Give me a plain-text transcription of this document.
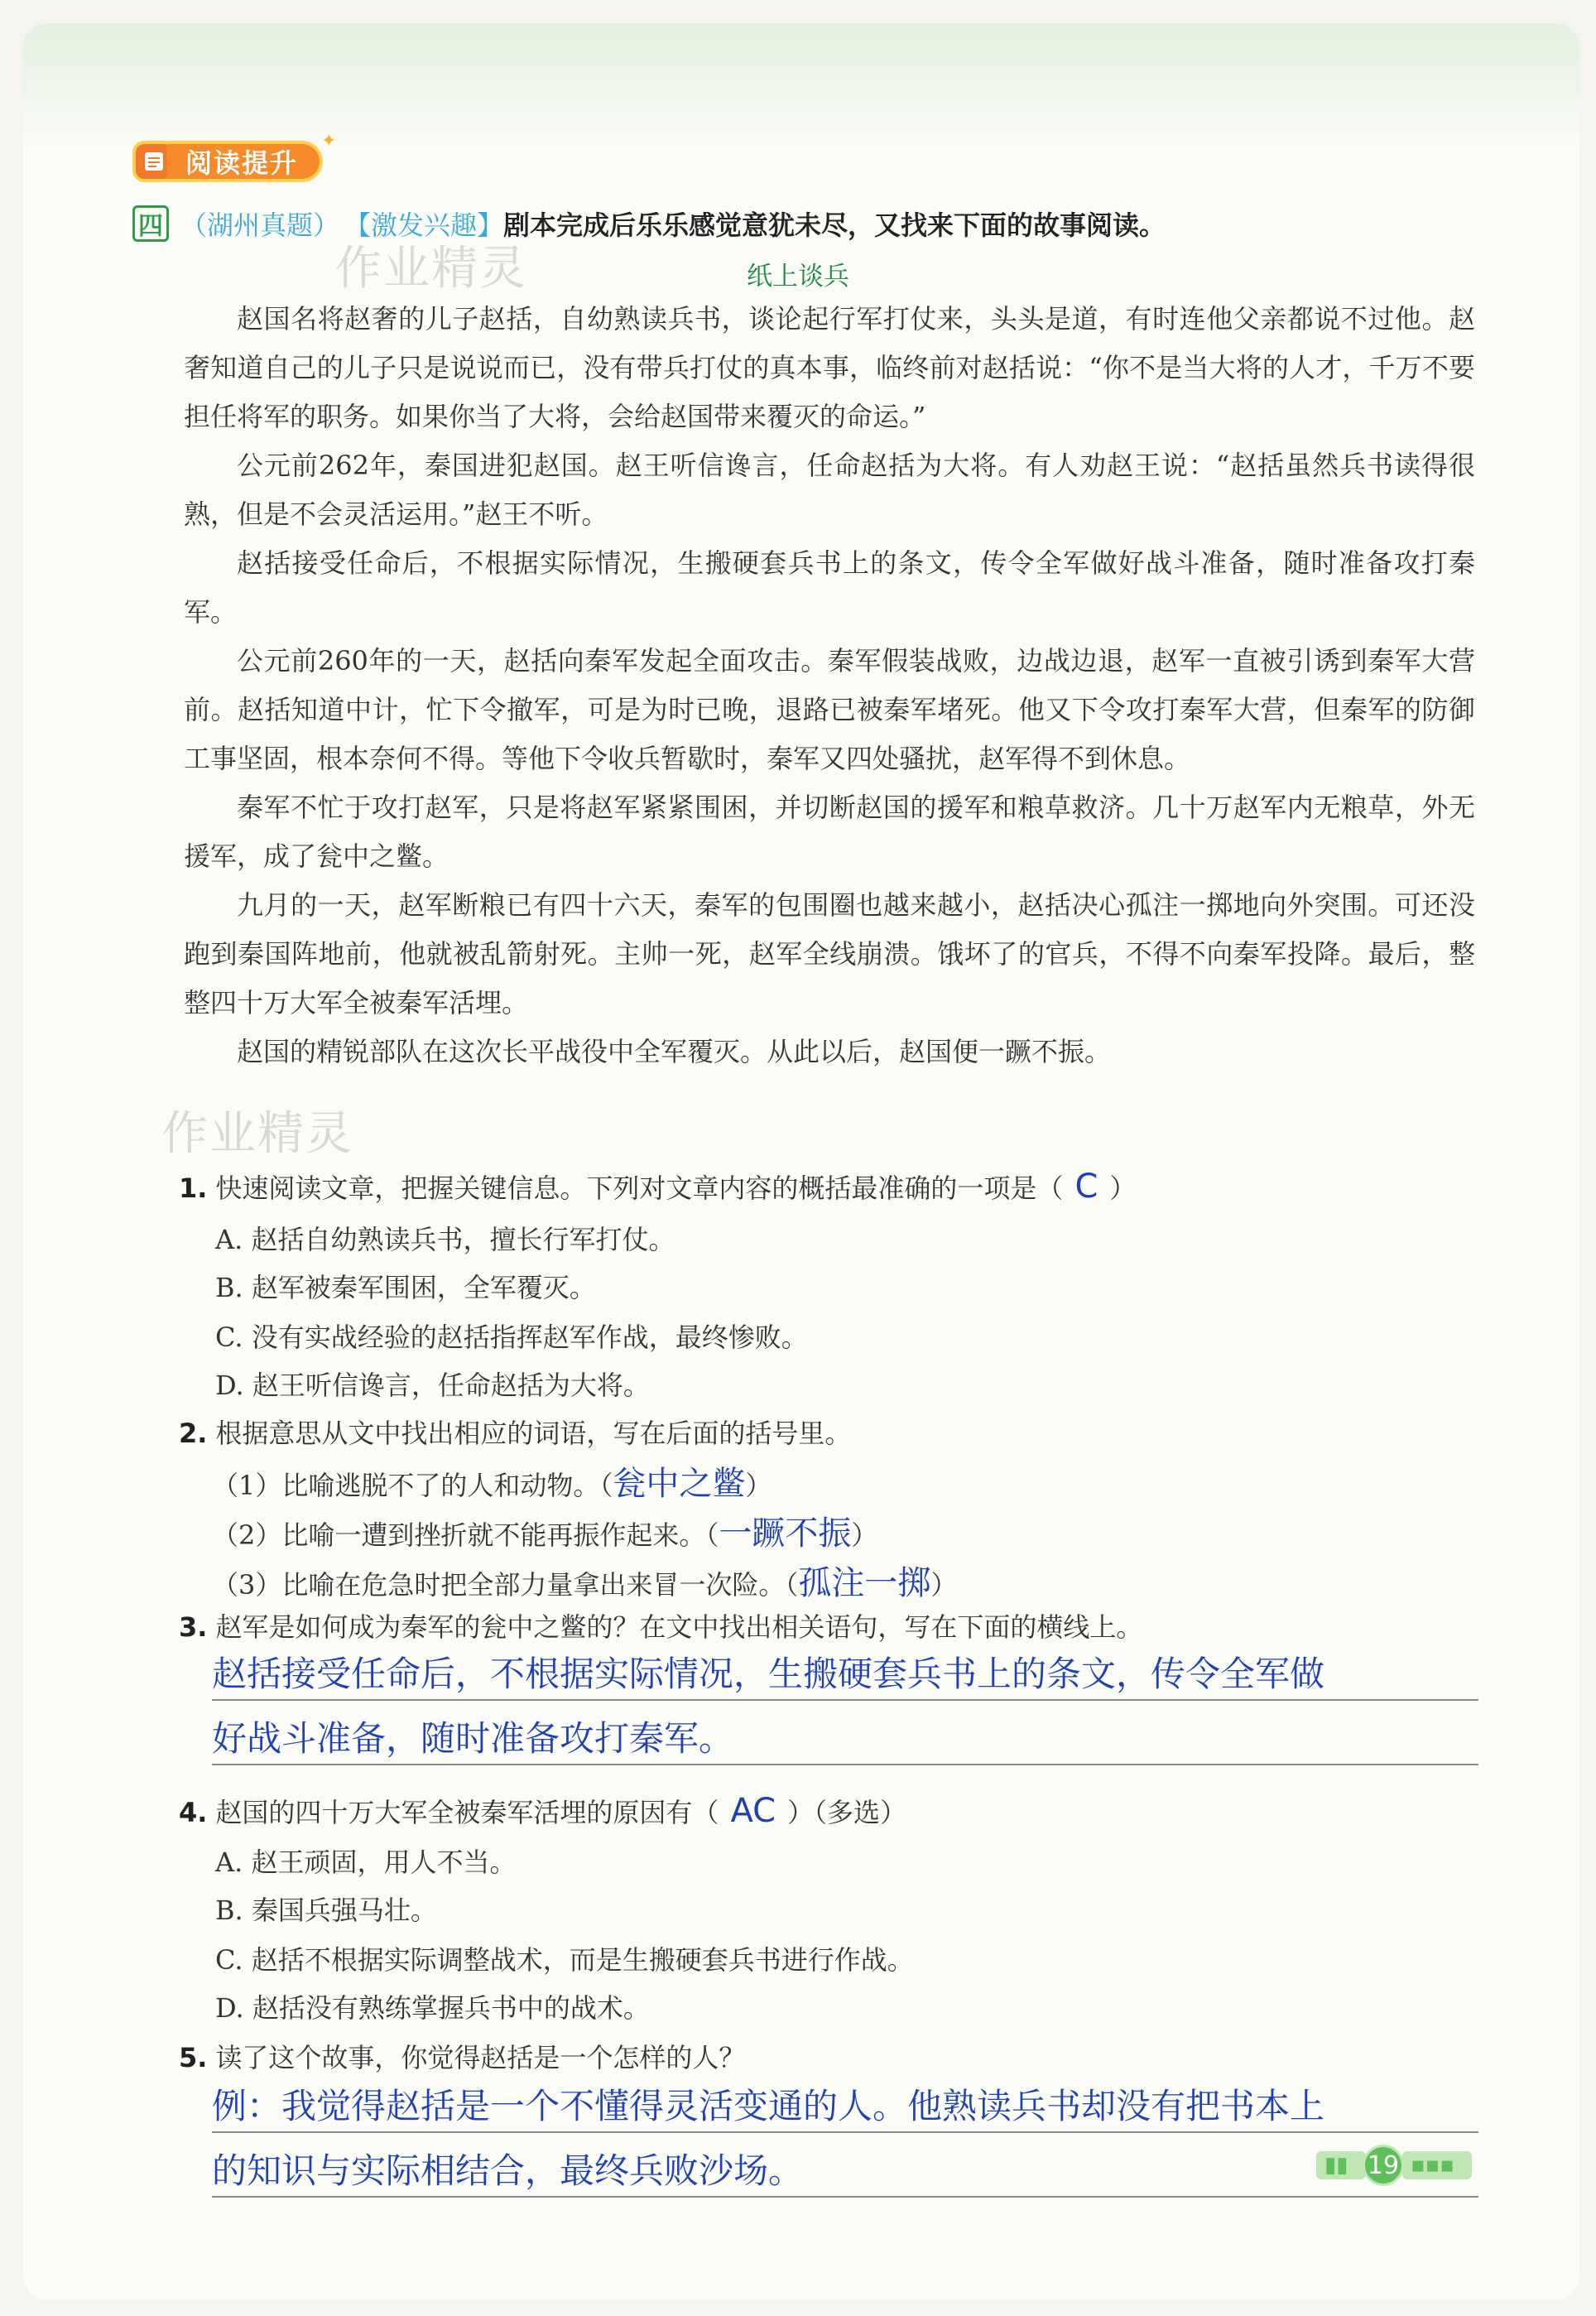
阅读提升
✦
四 （湖州真题） 【激发兴趣】 剧本完成后乐乐感觉意犹未尽，又找来下面的故事阅读。
作业精灵	纸上谈兵

赵国名将赵奢的儿子赵括，自幼熟读兵书，谈论起行军打仗来，头头是道，有时连他父亲都说不过他。赵奢知道自己的儿子只是说说而已，没有带兵打仗的真本事，临终前对赵括说：“你不是当大将的人才，千万不要担任将军的职务。如果你当了大将，会给赵国带来覆灭的命运。”

公元前262年，秦国进犯赵国。赵王听信谗言，任命赵括为大将。有人劝赵王说：“赵括虽然兵书读得很熟，但是不会灵活运用。”赵王不听。

赵括接受任命后，不根据实际情况，生搬硬套兵书上的条文，传令全军做好战斗准备，随时准备攻打秦军。

公元前260年的一天，赵括向秦军发起全面攻击。秦军假装战败，边战边退，赵军一直被引诱到秦军大营前。赵括知道中计，忙下令撤军，可是为时已晚，退路已被秦军堵死。他又下令攻打秦军大营，但秦军的防御工事坚固，根本奈何不得。等他下令收兵暂歇时，秦军又四处骚扰，赵军得不到休息。

秦军不忙于攻打赵军，只是将赵军紧紧围困，并切断赵国的援军和粮草救济。几十万赵军内无粮草，外无援军，成了瓮中之鳖。

九月的一天，赵军断粮已有四十六天，秦军的包围圈也越来越小，赵括决心孤注一掷地向外突围。可还没跑到秦国阵地前，他就被乱箭射死。主帅一死，赵军全线崩溃。饿坏了的官兵，不得不向秦军投降。最后，整整四十万大军全被秦军活埋。

赵国的精锐部队在这次长平战役中全军覆灭。从此以后，赵国便一蹶不振。

作业精灵
1. 快速阅读文章，把握关键信息。下列对文章内容的概括最准确的一项是（ C ）
A. 赵括自幼熟读兵书，擅长行军打仗。
B. 赵军被秦军围困，全军覆灭。
C. 没有实战经验的赵括指挥赵军作战，最终惨败。
D. 赵王听信谗言，任命赵括为大将。
2. 根据意思从文中找出相应的词语，写在后面的括号里。
（1）比喻逃脱不了的人和动物。（瓮中之鳖）
（2）比喻一遭到挫折就不能再振作起来。（一蹶不振）
（3）比喻在危急时把全部力量拿出来冒一次险。（孤注一掷）
3. 赵军是如何成为秦军的瓮中之鳖的？在文中找出相关语句，写在下面的横线上。
赵括接受任命后，不根据实际情况，生搬硬套兵书上的条文，传令全军做
好战斗准备，随时准备攻打秦军。
4. 赵国的四十万大军全被秦军活埋的原因有（ AC ）（多选）
A. 赵王顽固，用人不当。
B. 秦国兵强马壮。
C. 赵括不根据实际调整战术，而是生搬硬套兵书进行作战。
D. 赵括没有熟练掌握兵书中的战术。
5. 读了这个故事，你觉得赵括是一个怎样的人？
例：我觉得赵括是一个不懂得灵活变通的人。他熟读兵书却没有把书本上
的知识与实际相结合，最终兵败沙场。	▮▮	▪▪▪
19
